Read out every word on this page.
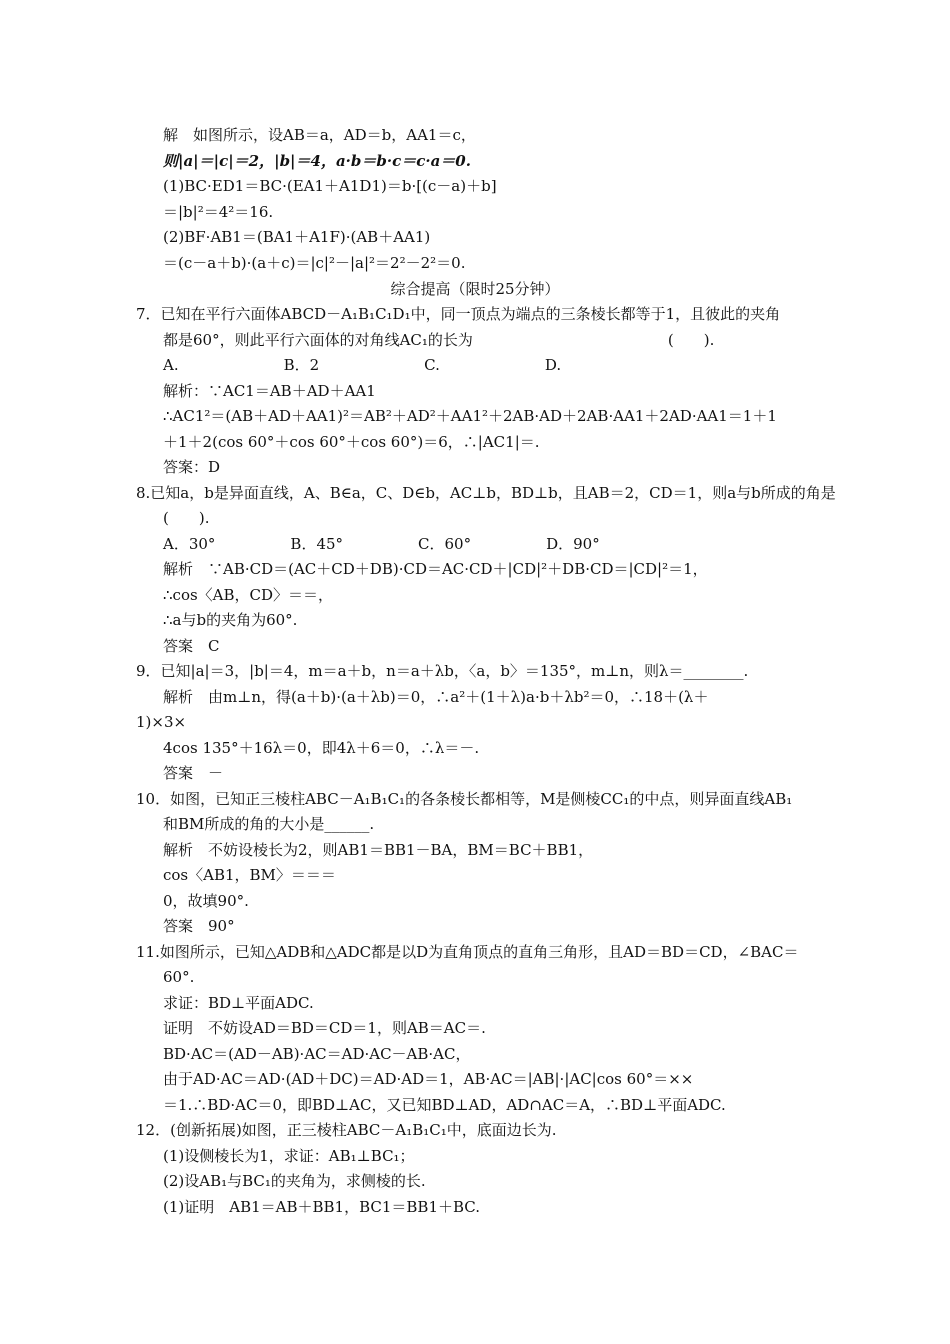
解　如图所示，设AB＝a，AD＝b，AA1＝c，
则|a|＝|c|＝2，|b|＝4，a·b＝b·c＝c·a＝0.
(1)BC·ED1＝BC·(EA1＋A1D1)＝b·[(c－a)＋b]
＝|b|²＝4²＝16.
(2)BF·AB1＝(BA1＋A1F)·(AB＋AA1)
＝(c－a＋b)·(a＋c)＝|c|²－|a|²＝2²－2²＝0.
综合提高（限时25分钟）
7．已知在平行六面体ABCD－A₁B₁C₁D₁中，同一顶点为端点的三条棱长都等于1，且彼此的夹角
都是60°，则此平行六面体的对角线AC₁的长为　　　　　　　　　　　　　(　　).
A.　　　　　　　B．2　　　　　　　C.　　　　　　　D.
解析：∵AC1＝AB＋AD＋AA1
∴AC1²＝(AB＋AD＋AA1)²＝AB²＋AD²＋AA1²＋2AB·AD＋2AB·AA1＋2AD·AA1＝1＋1
＋1＋2(cos 60°＋cos 60°＋cos 60°)＝6，∴|AC1|＝.
答案：D
8.已知a，b是异面直线，A、B∈a，C、D∈b，AC⊥b，BD⊥b，且AB＝2，CD＝1，则a与b所成的角是
(　　).
A．30°　　　　　B．45°　　　　　C．60°　　　　　D．90°
解析　∵AB·CD＝(AC＋CD＋DB)·CD＝AC·CD＋|CD|²＋DB·CD＝|CD|²＝1，
∴cos〈AB，CD〉＝＝，
∴a与b的夹角为60°.
答案　C
9．已知|a|＝3，|b|＝4，m＝a＋b，n＝a＋λb，〈a，b〉＝135°，m⊥n，则λ＝________.
解析　由m⊥n，得(a＋b)·(a＋λb)＝0，∴a²＋(1＋λ)a·b＋λb²＝0，∴18＋(λ＋
1)×3×
4cos 135°＋16λ＝0，即4λ＋6＝0，∴λ＝－.
答案　－
10．如图，已知正三棱柱ABC－A₁B₁C₁的各条棱长都相等，M是侧棱CC₁的中点，则异面直线AB₁
和BM所成的角的大小是______.
解析　不妨设棱长为2，则AB1＝BB1－BA，BM＝BC＋BB1，
cos〈AB1，BM〉＝＝＝
0，故填90°.
答案　90°
11.如图所示，已知△ADB和△ADC都是以D为直角顶点的直角三角形，且AD＝BD＝CD，∠BAC＝
60°.
求证：BD⊥平面ADC.
证明　不妨设AD＝BD＝CD＝1，则AB＝AC＝.
BD·AC＝(AD－AB)·AC＝AD·AC－AB·AC，
由于AD·AC＝AD·(AD＋DC)＝AD·AD＝1，AB·AC＝|AB|·|AC|cos 60°＝××
＝1.∴BD·AC＝0，即BD⊥AC，又已知BD⊥AD，AD∩AC＝A，∴BD⊥平面ADC.
12．(创新拓展)如图，正三棱柱ABC－A₁B₁C₁中，底面边长为.
(1)设侧棱长为1，求证：AB₁⊥BC₁；
(2)设AB₁与BC₁的夹角为，求侧棱的长.
(1)证明　AB1＝AB＋BB1，BC1＝BB1＋BC.
